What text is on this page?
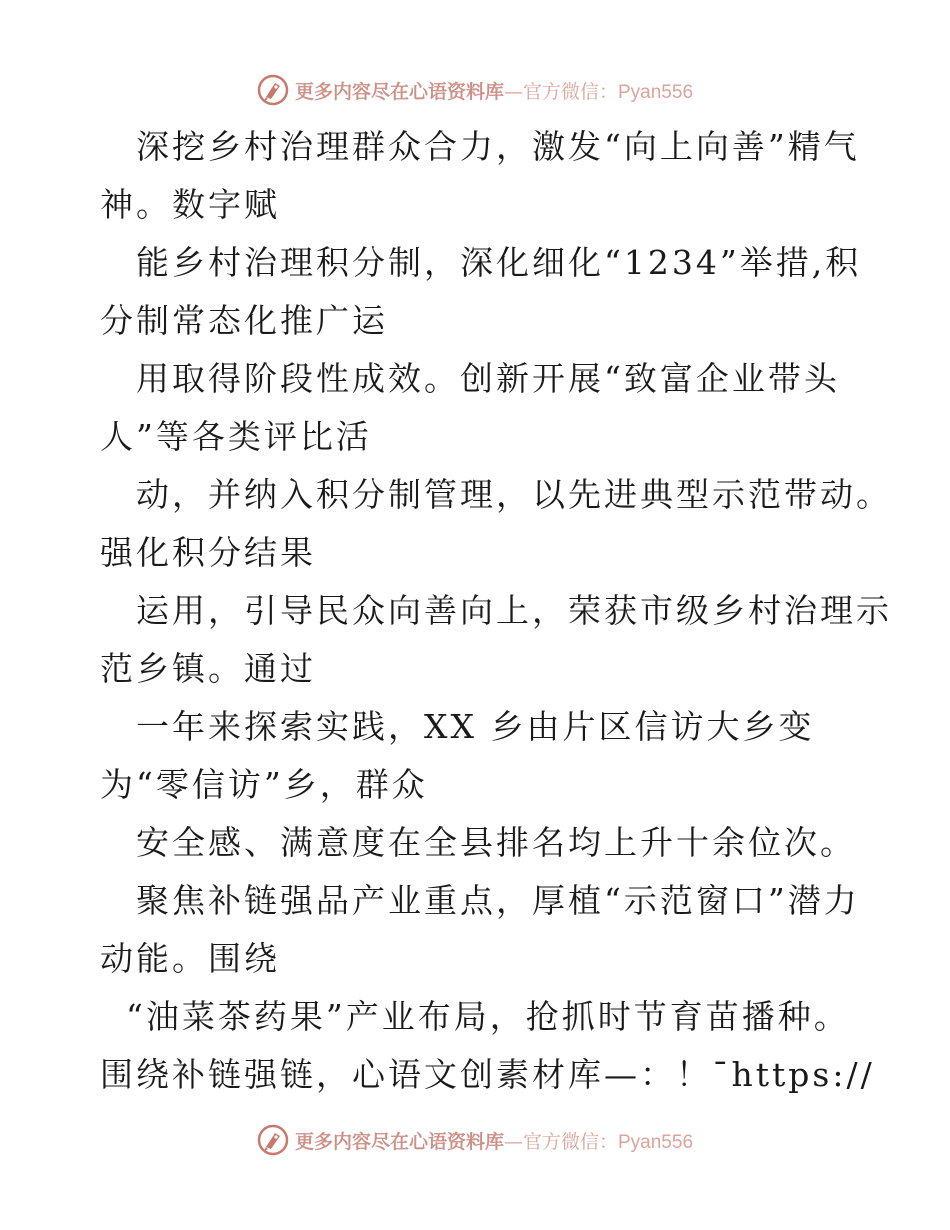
更多内容尽在心语资料库—官方微信：Pyan556
深挖乡村治理群众合力，激发“向上向善”精气
神。数字赋
能乡村治理积分制，深化细化“1234”举措,积
分制常态化推广运
用取得阶段性成效。创新开展“致富企业带头
人”等各类评比活
动，并纳入积分制管理，以先进典型示范带动。
强化积分结果
运用，引导民众向善向上，荣获市级乡村治理示
范乡镇。通过
一年来探索实践，XX 乡由片区信访大乡变
为“零信访”乡，群众
安全感、满意度在全县排名均上升十余位次。
聚焦补链强品产业重点，厚植“示范窗口”潜力
动能。围绕
“油菜茶药果”产业布局，抢抓时节育苗播种。
围绕补链强链，心语文创素材库—：！¯https://
更多内容尽在心语资料库—官方微信：Pyan556
